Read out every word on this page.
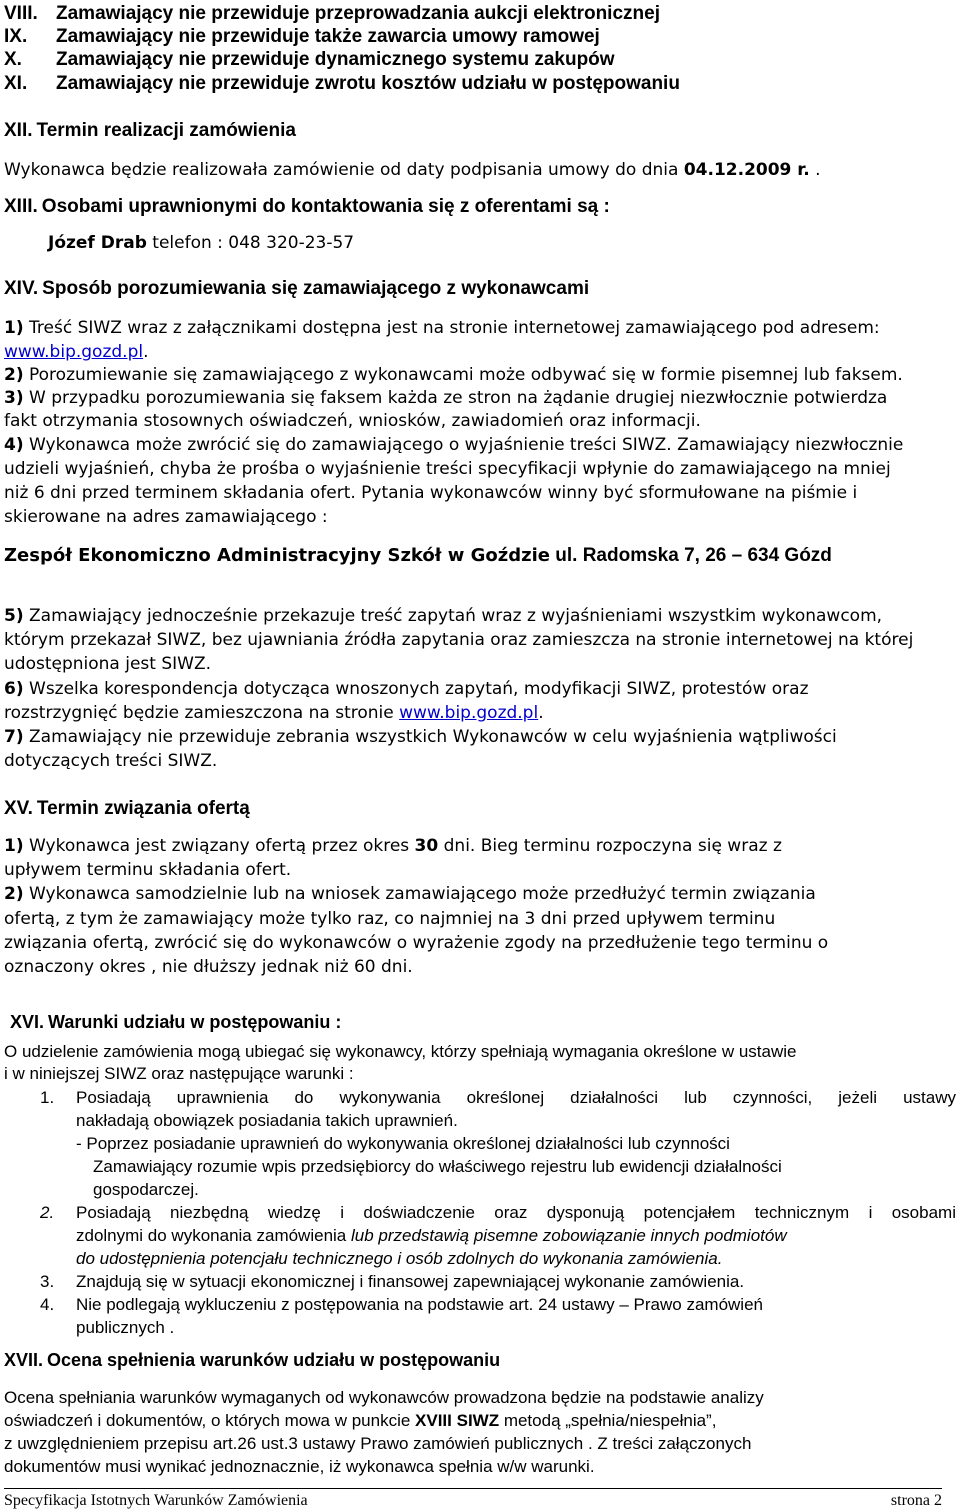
VIII. Zamawiający nie przewiduje przeprowadzania aukcji elektronicznej
IX. Zamawiający nie przewiduje także zawarcia umowy ramowej
X. Zamawiający nie przewiduje dynamicznego systemu zakupów
XI. Zamawiający nie przewiduje zwrotu kosztów udziału w postępowaniu
XII. Termin realizacji zamówienia
Wykonawca będzie realizowała zamówienie od daty podpisania umowy do dnia 04.12.2009 r. .
XIII. Osobami uprawnionymi do kontaktowania się z oferentami są :
Józef Drab telefon : 048 320-23-57
XIV. Sposób porozumiewania się zamawiającego z wykonawcami
1) Treść SIWZ wraz z załącznikami dostępna jest na stronie internetowej zamawiającego pod adresem:
www.bip.gozd.pl.
2) Porozumiewanie się zamawiającego z wykonawcami może odbywać się w formie pisemnej lub faksem.
3) W przypadku porozumiewania się faksem każda ze stron na żądanie drugiej niezwłocznie potwierdza
fakt otrzymania stosownych oświadczeń, wniosków, zawiadomień oraz informacji.
4) Wykonawca może zwrócić się do zamawiającego o wyjaśnienie treści SIWZ. Zamawiający niezwłocznie
udzieli wyjaśnień, chyba że prośba o wyjaśnienie treści specyfikacji wpłynie do zamawiającego na mniej
niż 6 dni przed terminem składania ofert. Pytania wykonawców winny być sformułowane na piśmie i
skierowane na adres zamawiającego :
Zespół Ekonomiczno Administracyjny Szkół w Goździe ul. Radomska 7, 26 – 634 Gózd
5) Zamawiający jednocześnie przekazuje treść zapytań wraz z wyjaśnieniami wszystkim wykonawcom,
którym przekazał SIWZ, bez ujawniania źródła zapytania oraz zamieszcza na stronie internetowej na której
udostępniona jest SIWZ.
6) Wszelka korespondencja dotycząca wnoszonych zapytań, modyfikacji SIWZ, protestów oraz
rozstrzygnięć będzie zamieszczona na stronie www.bip.gozd.pl.
7) Zamawiający nie przewiduje zebrania wszystkich Wykonawców w celu wyjaśnienia wątpliwości
dotyczących treści SIWZ.
XV. Termin związania ofertą
1) Wykonawca jest związany ofertą przez okres 30 dni. Bieg terminu rozpoczyna się wraz z
upływem terminu składania ofert.
2) Wykonawca samodzielnie lub na wniosek zamawiającego może przedłużyć termin związania
ofertą, z tym że zamawiający może tylko raz, co najmniej na 3 dni przed upływem terminu
związania ofertą, zwrócić się do wykonawców o wyrażenie zgody na przedłużenie tego terminu o
oznaczony okres , nie dłuższy jednak niż 60 dni.
XVI. Warunki udziału w postępowaniu :
O udzielenie zamówienia mogą ubiegać się wykonawcy, którzy spełniają wymagania określone w ustawie
i w niniejszej SIWZ oraz następujące warunki :
1. Posiadają uprawnienia do wykonywania określonej działalności lub czynności, jeżeli ustawy
nakładają obowiązek posiadania takich uprawnień.
- Poprzez posiadanie uprawnień do wykonywania określonej działalności lub czynności
Zamawiający rozumie wpis przedsiębiorcy do właściwego rejestru lub ewidencji działalności
gospodarczej.
2. Posiadają niezbędną wiedzę i doświadczenie oraz dysponują potencjałem technicznym i osobami
zdolnymi do wykonania zamówienia lub przedstawią pisemne zobowiązanie innych podmiotów
do udostępnienia potencjału technicznego i osób zdolnych do wykonania zamówienia.
3. Znajdują się w sytuacji ekonomicznej i finansowej zapewniającej wykonanie zamówienia.
4. Nie podlegają wykluczeniu z postępowania na podstawie art. 24 ustawy – Prawo zamówień
publicznych .
XVII. Ocena spełnienia warunków udziału w postępowaniu
Ocena spełniania warunków wymaganych od wykonawców prowadzona będzie na podstawie analizy
oświadczeń i dokumentów, o których mowa w punkcie XVIII SIWZ metodą „spełnia/niespełnia”,
z uwzględnieniem przepisu art.26 ust.3 ustawy Prawo zamówień publicznych . Z treści załączonych
dokumentów musi wynikać jednoznacznie, iż wykonawca spełnia w/w warunki.
Specyfikacja Istotnych Warunków Zamówienia	strona 2
